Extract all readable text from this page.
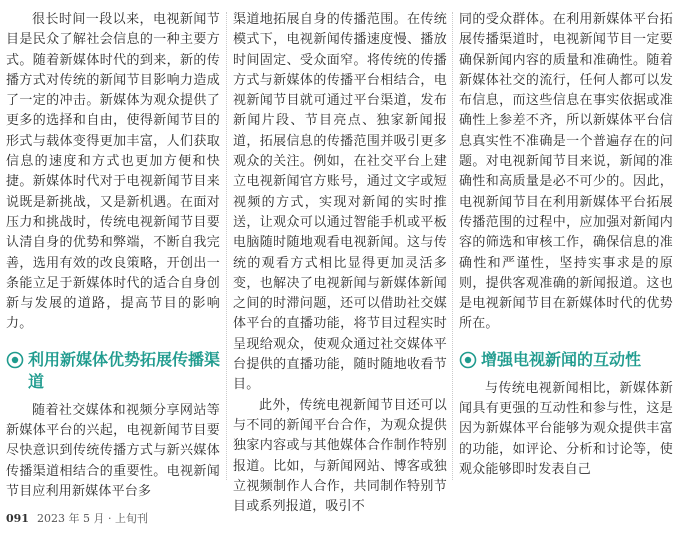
很长时间一段以来，电视新闻节目是民众了解社会信息的一种主要方式。随着新媒体时代的到来，新的传播方式对传统的新闻节目影响力造成了一定的冲击。新媒体为观众提供了更多的选择和自由，使得新闻节目的形式与载体变得更加丰富，人们获取信息的速度和方式也更加方便和快捷。新媒体时代对于电视新闻节目来说既是新挑战，又是新机遇。在面对压力和挑战时，传统电视新闻节目要认清自身的优势和弊端，不断自我完善，选用有效的改良策略，开创出一条能立足于新媒体时代的适合自身创新与发展的道路，提高节目的影响力。

利用新媒体优势拓展传播渠道

随着社交媒体和视频分享网站等新媒体平台的兴起，电视新闻节目要尽快意识到传统传播方式与新兴媒体传播渠道相结合的重要性。电视新闻节目应利用新媒体平台多

渠道地拓展自身的传播范围。在传统模式下，电视新闻传播速度慢、播放时间固定、受众面窄。将传统的传播方式与新媒体的传播平台相结合，电视新闻节目就可通过平台渠道，发布新闻片段、节目亮点、独家新闻报道，拓展信息的传播范围并吸引更多观众的关注。例如，在社交平台上建立电视新闻官方账号，通过文字或短视频的方式，实现对新闻的实时推送，让观众可以通过智能手机或平板电脑随时随地观看电视新闻。这与传统的观看方式相比显得更加灵活多变，也解决了电视新闻与新媒体新闻之间的时滞问题，还可以借助社交媒体平台的直播功能，将节目过程实时呈现给观众，使观众通过社交媒体平台提供的直播功能，随时随地收看节目。

此外，传统电视新闻节目还可以与不同的新闻平台合作，为观众提供独家内容或与其他媒体合作制作特别报道。比如，与新闻网站、博客或独立视频制作人合作，共同制作特别节目或系列报道，吸引不

同的受众群体。在利用新媒体平台拓展传播渠道时，电视新闻节目一定要确保新闻内容的质量和准确性。随着新媒体社交的流行，任何人都可以发布信息，而这些信息在事实依据或准确性上参差不齐，所以新媒体平台信息真实性不准确是一个普遍存在的问题。对电视新闻节目来说，新闻的准确性和高质量是必不可少的。因此，电视新闻节目在利用新媒体平台拓展传播范围的过程中，应加强对新闻内容的筛选和审核工作，确保信息的准确性和严谨性，坚持实事求是的原则，提供客观准确的新闻报道。这也是电视新闻节目在新媒体时代的优势所在。

增强电视新闻的互动性

与传统电视新闻相比，新媒体新闻具有更强的互动性和参与性，这是因为新媒体平台能够为观众提供丰富的功能，如评论、分析和讨论等，使观众能够即时发表自己

091 2023 年 5 月 · 上旬刊
